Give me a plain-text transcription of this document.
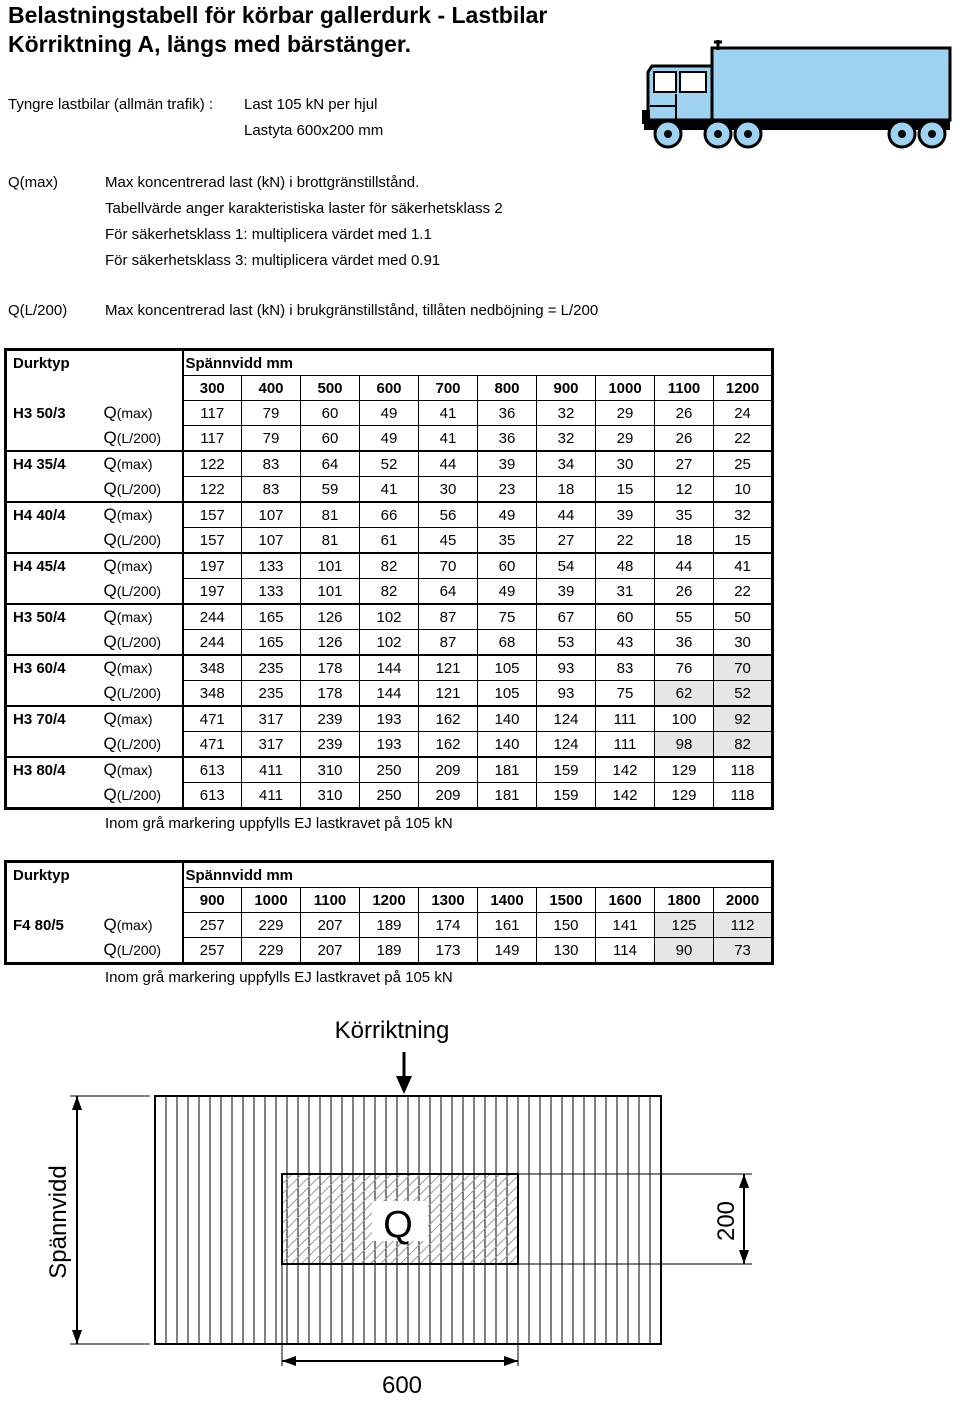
Belastningstabell för körbar gallerdurk - Lastbilar
Körriktning A, längs med bärstänger.
Tyngre lastbilar (allmän trafik) : Last 105 kN per hjul
Lastyta 600x200 mm
Q(max)	Max koncentrerad last (kN) i brottgränstillstånd.
Tabellvärde anger karakteristiska laster för säkerhetsklass 2
För säkerhetsklass 1: multiplicera värdet med 1.1
För säkerhetsklass 3: multiplicera värdet med 0.91
Q(L/200)	Max koncentrerad last (kN) i brukgränstillstånd, tillåten nedböjning = L/200
Durktyp		Spännvidd mm									
		300	400	500	600	700	800	900	1000	1100	1200
H3 50/3	Q(max)	117	79	60	49	41	36	32	29	26	24
	Q(L/200)	117	79	60	49	41	36	32	29	26	22
H4 35/4	Q(max)	122	83	64	52	44	39	34	30	27	25
	Q(L/200)	122	83	59	41	30	23	18	15	12	10
H4 40/4	Q(max)	157	107	81	66	56	49	44	39	35	32
	Q(L/200)	157	107	81	61	45	35	27	22	18	15
H4 45/4	Q(max)	197	133	101	82	70	60	54	48	44	41
	Q(L/200)	197	133	101	82	64	49	39	31	26	22
H3 50/4	Q(max)	244	165	126	102	87	75	67	60	55	50
	Q(L/200)	244	165	126	102	87	68	53	43	36	30
H3 60/4	Q(max)	348	235	178	144	121	105	93	83	76	70
	Q(L/200)	348	235	178	144	121	105	93	75	62	52
H3 70/4	Q(max)	471	317	239	193	162	140	124	111	100	92
	Q(L/200)	471	317	239	193	162	140	124	111	98	82
H3 80/4	Q(max)	613	411	310	250	209	181	159	142	129	118
	Q(L/200)	613	411	310	250	209	181	159	142	129	118
Inom grå markering uppfylls EJ lastkravet på 105 kN
Durktyp		Spännvidd mm									
		900	1000	1100	1200	1300	1400	1500	1600	1800	2000
F4 80/5	Q(max)	257	229	207	189	174	161	150	141	125	112
	Q(L/200)	257	229	207	189	173	149	130	114	90	73
Inom grå markering uppfylls EJ lastkravet på 105 kN
Körriktning
Q
Spännvidd
600
200
